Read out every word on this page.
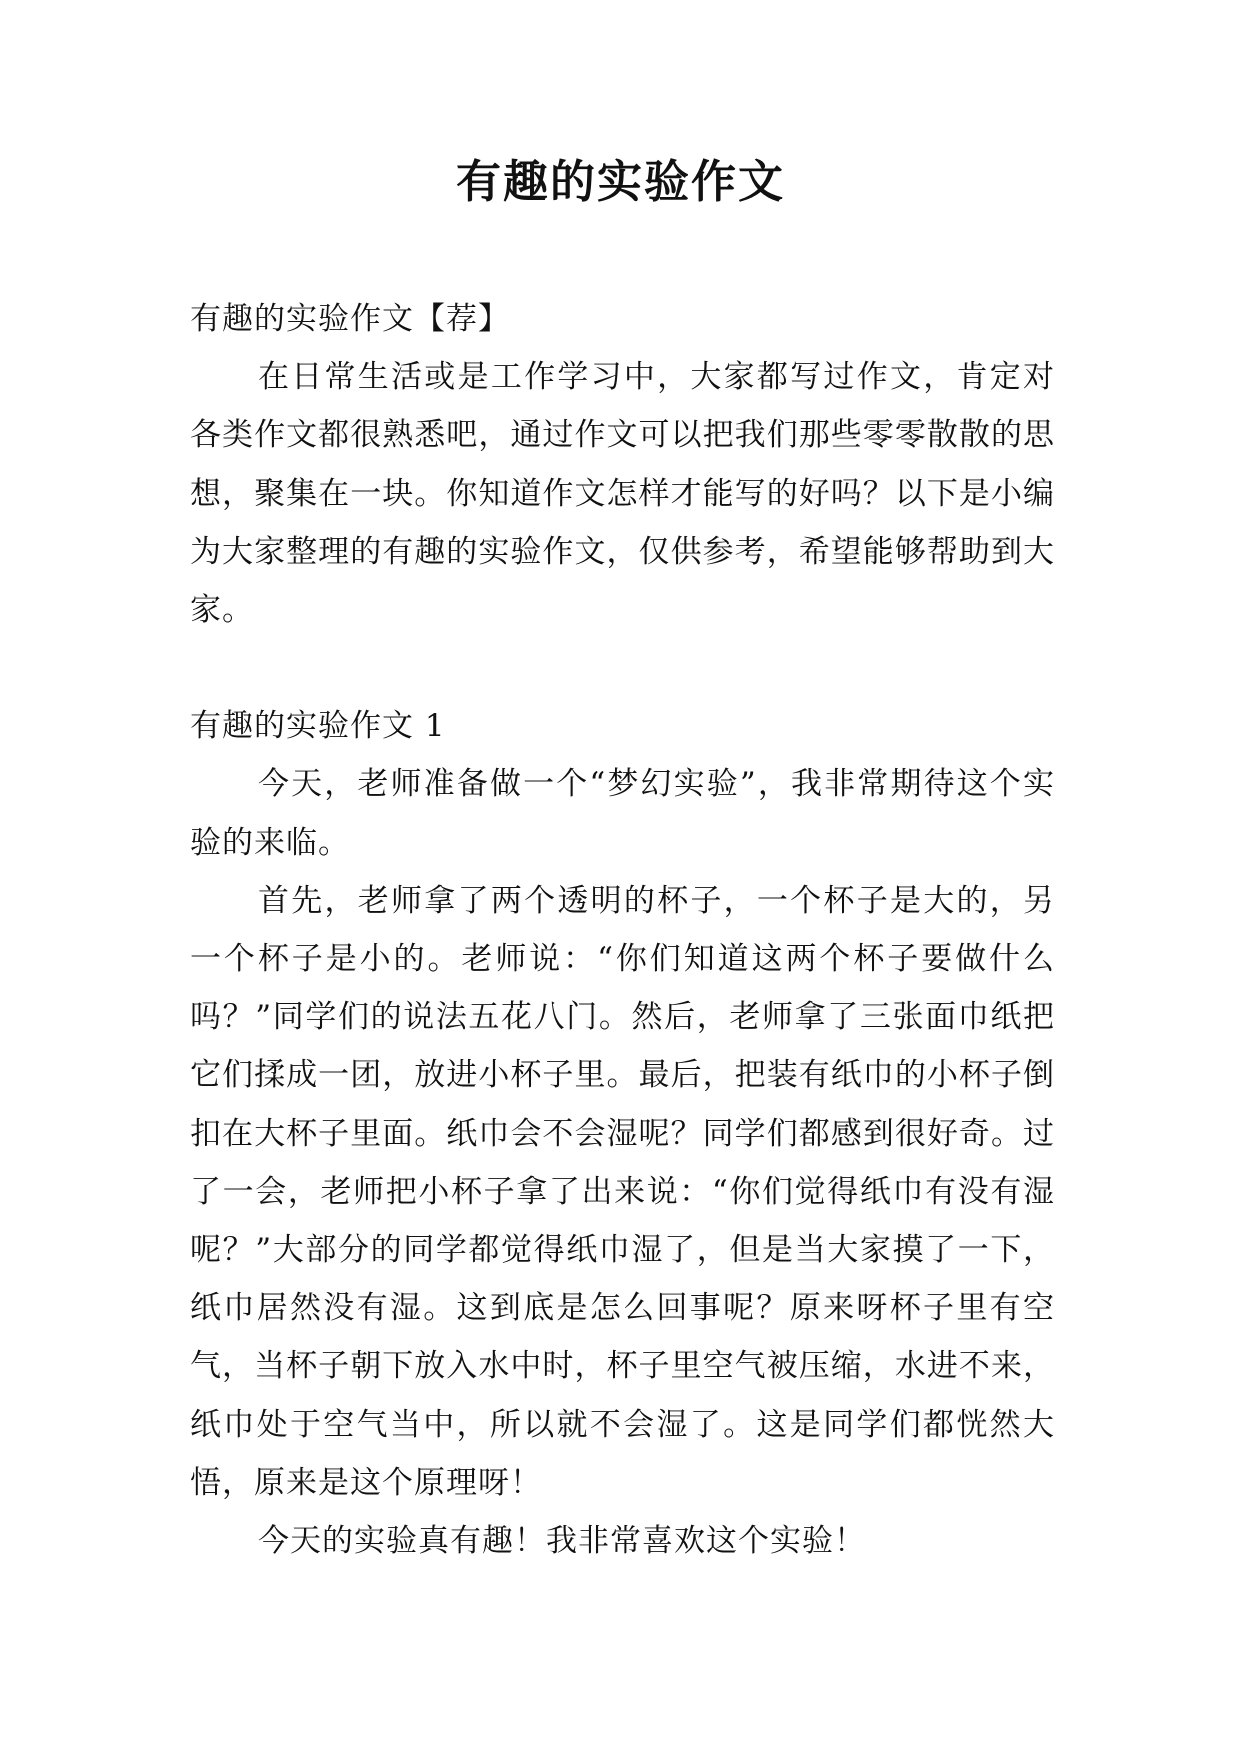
有趣的实验作文

有趣的实验作文【荐】

在日常生活或是工作学习中，大家都写过作文，肯定对各类作文都很熟悉吧，通过作文可以把我们那些零零散散的思想，聚集在一块。你知道作文怎样才能写的好吗？以下是小编为大家整理的有趣的实验作文，仅供参考，希望能够帮助到大家。

有趣的实验作文 1

今天，老师准备做一个“梦幻实验”，我非常期待这个实验的来临。

首先，老师拿了两个透明的杯子，一个杯子是大的，另一个杯子是小的。老师说：“你们知道这两个杯子要做什么吗？”同学们的说法五花八门。然后，老师拿了三张面巾纸把它们揉成一团，放进小杯子里。最后，把装有纸巾的小杯子倒扣在大杯子里面。纸巾会不会湿呢？同学们都感到很好奇。过了一会，老师把小杯子拿了出来说：“你们觉得纸巾有没有湿呢？”大部分的同学都觉得纸巾湿了，但是当大家摸了一下，纸巾居然没有湿。这到底是怎么回事呢？原来呀杯子里有空气，当杯子朝下放入水中时，杯子里空气被压缩，水进不来，纸巾处于空气当中，所以就不会湿了。这是同学们都恍然大悟，原来是这个原理呀！

今天的实验真有趣！我非常喜欢这个实验！
